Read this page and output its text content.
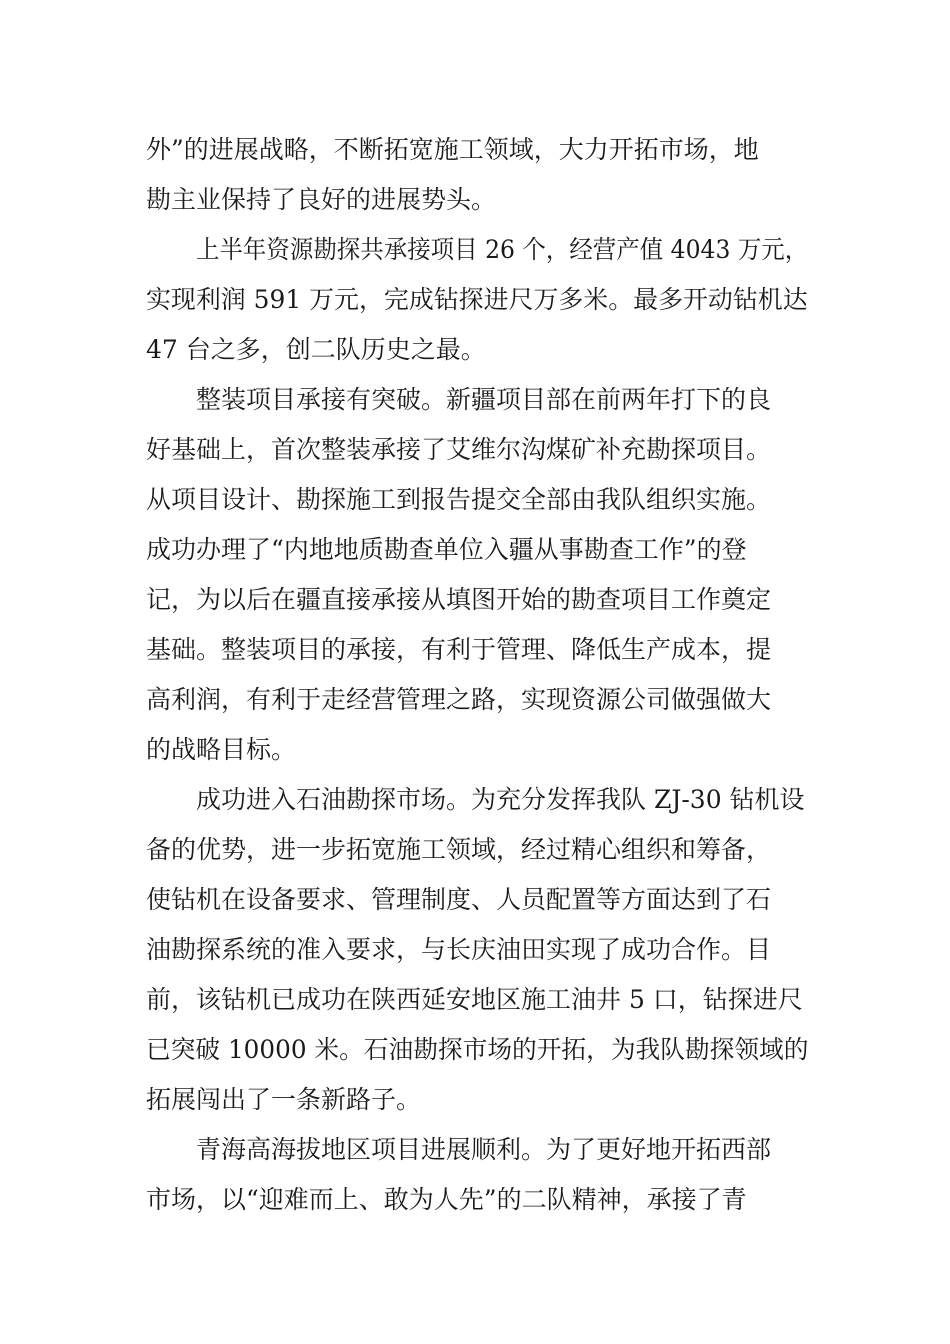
外”的进展战略，不断拓宽施工领域，大力开拓市场，地
勘主业保持了良好的进展势头。
上半年资源勘探共承接项目 26 个，经营产值 4043 万元，
实现利润 591 万元，完成钻探进尺万多米。最多开动钻机达
47 台之多，创二队历史之最。
整装项目承接有突破。新疆项目部在前两年打下的良
好基础上，首次整装承接了艾维尔沟煤矿补充勘探项目。
从项目设计、勘探施工到报告提交全部由我队组织实施。
成功办理了“内地地质勘查单位入疆从事勘查工作”的登
记，为以后在疆直接承接从填图开始的勘查项目工作奠定
基础。整装项目的承接，有利于管理、降低生产成本，提
高利润，有利于走经营管理之路，实现资源公司做强做大
的战略目标。
成功进入石油勘探市场。为充分发挥我队 ZJ-30 钻机设
备的优势，进一步拓宽施工领域，经过精心组织和筹备，
使钻机在设备要求、管理制度、人员配置等方面达到了石
油勘探系统的准入要求，与长庆油田实现了成功合作。目
前，该钻机已成功在陕西延安地区施工油井 5 口，钻探进尺
已突破 10000 米。石油勘探市场的开拓，为我队勘探领域的
拓展闯出了一条新路子。
青海高海拔地区项目进展顺利。为了更好地开拓西部
市场，以“迎难而上、敢为人先”的二队精神，承接了青
